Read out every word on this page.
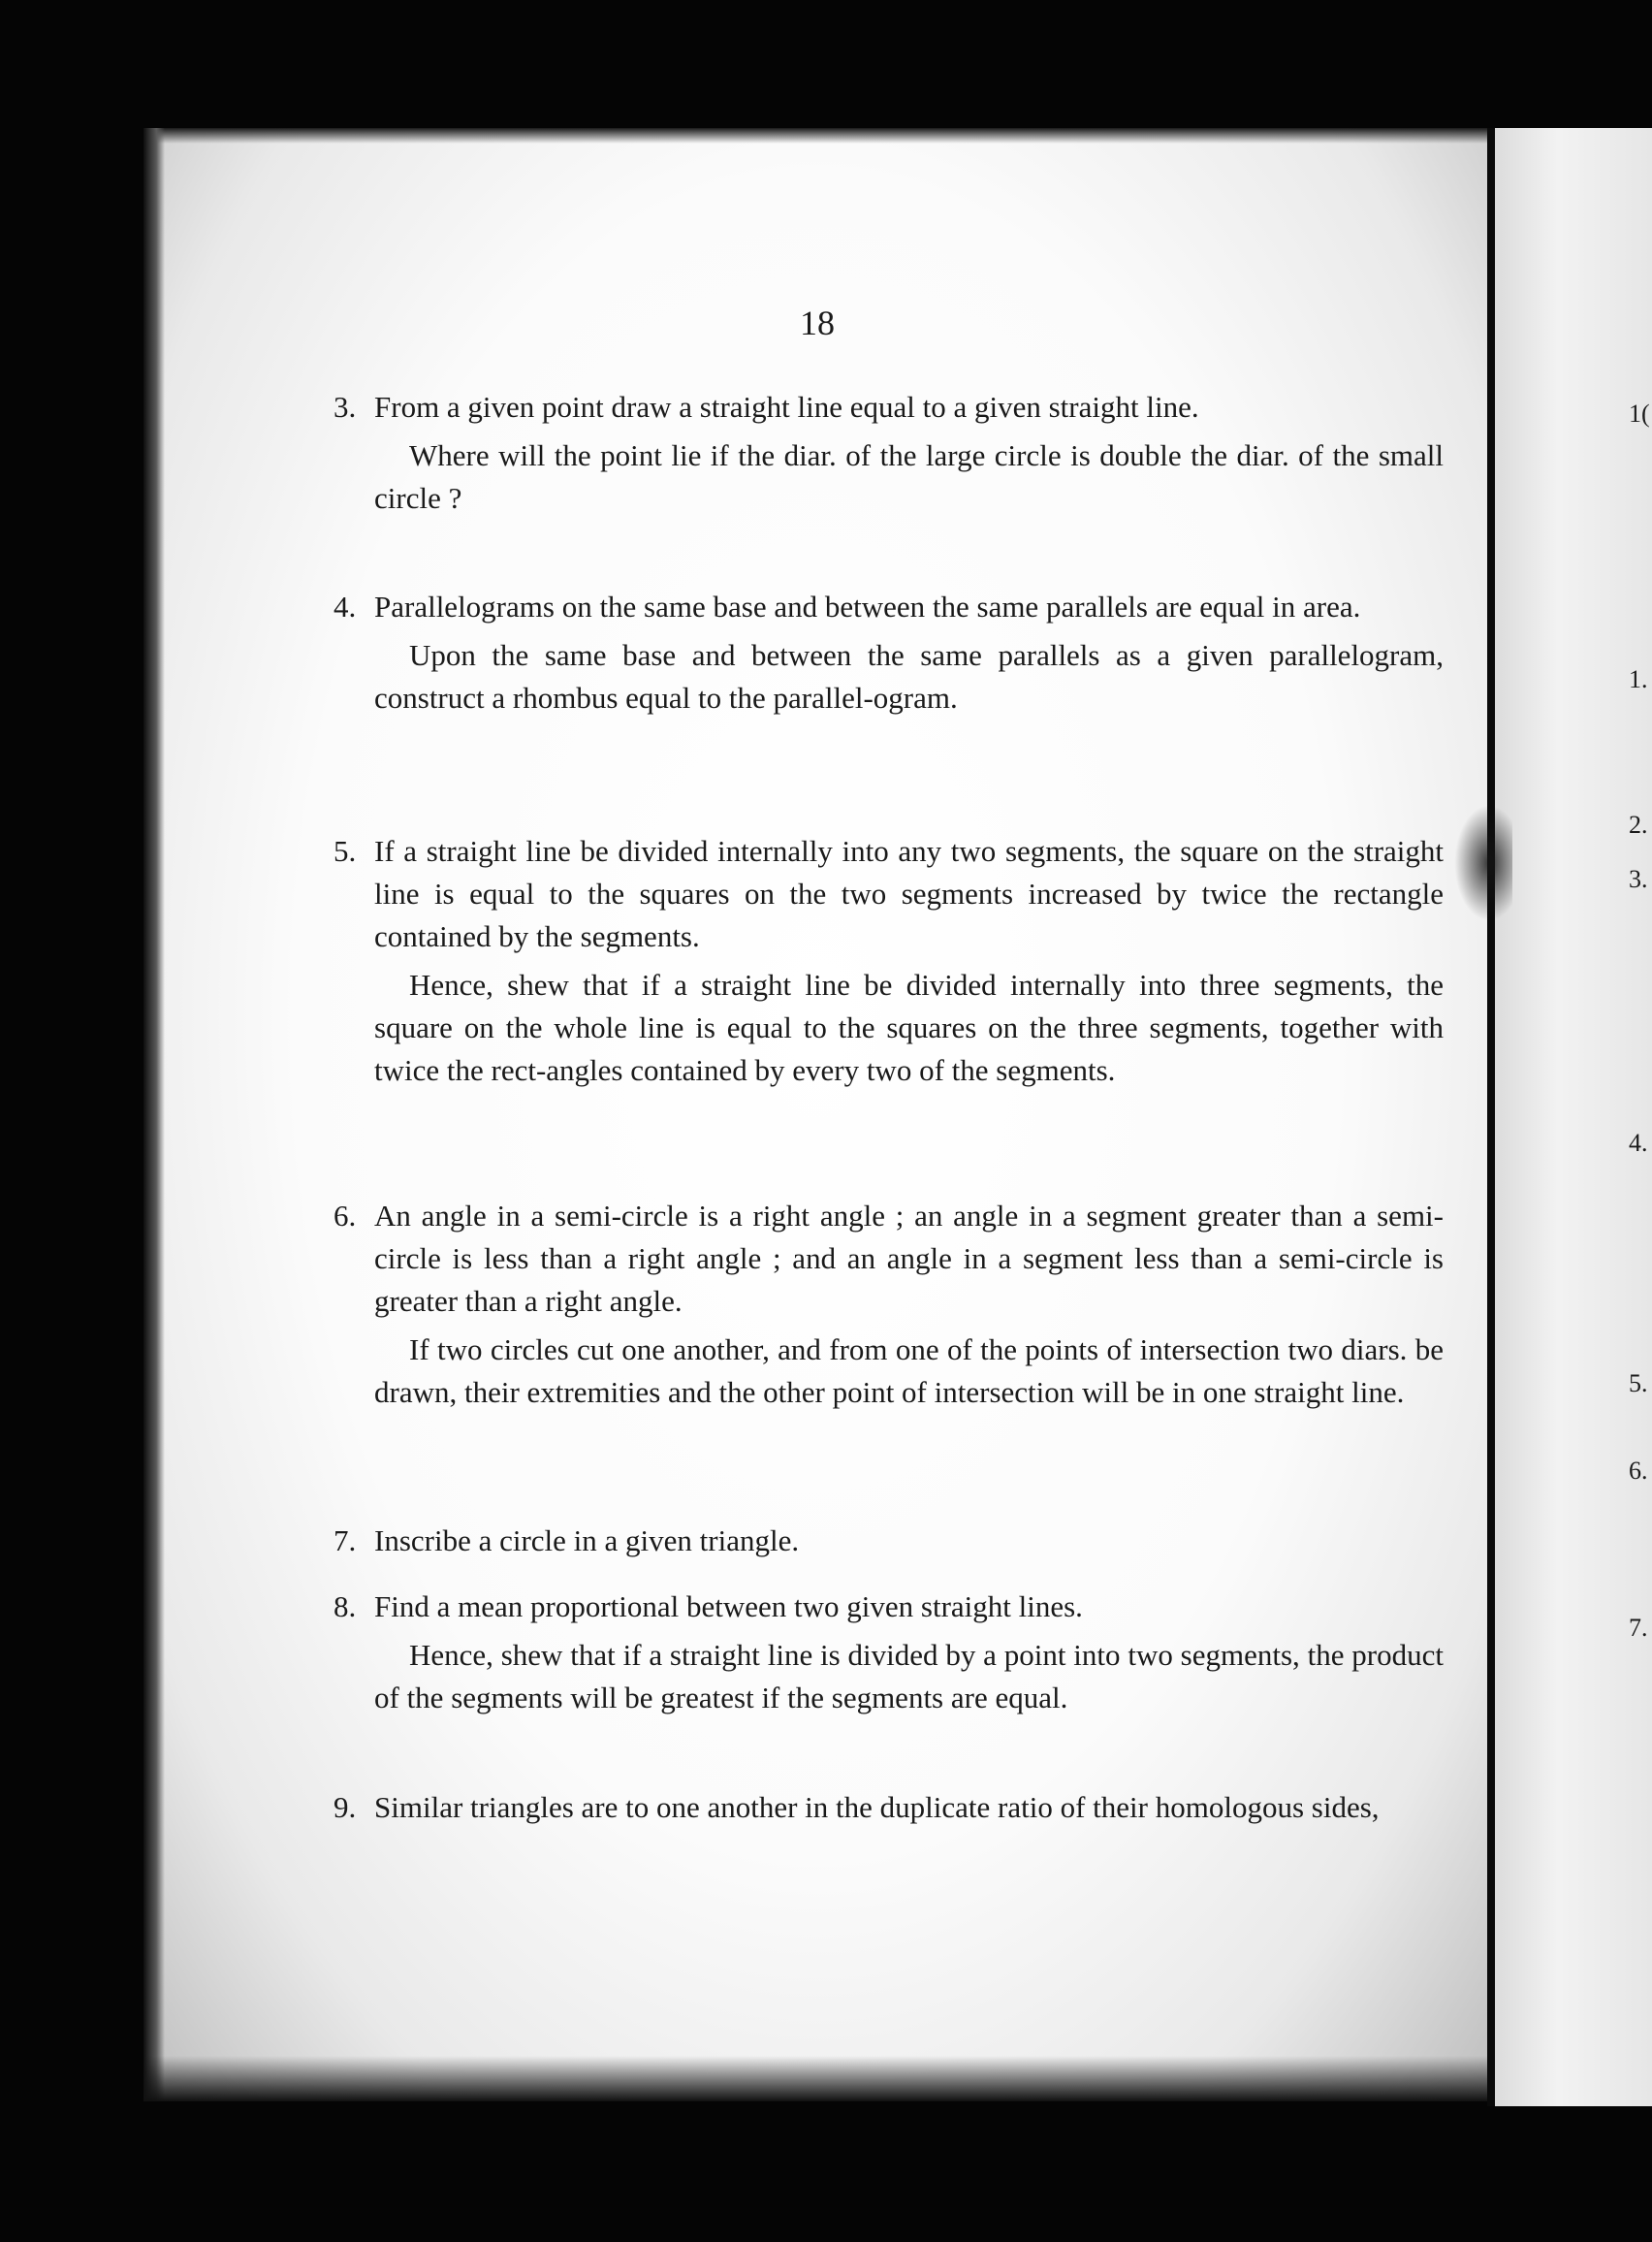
18

3. From a given point draw a straight line equal to a given straight line.

Where will the point lie if the diar. of the large circle is double the diar. of the small circle ?

4. Parallelograms on the same base and between the same parallels are equal in area.

Upon the same base and between the same parallels as a given parallelogram, construct a rhombus equal to the parallel-ogram.

5. If a straight line be divided internally into any two segments, the square on the straight line is equal to the squares on the two segments increased by twice the rectangle contained by the segments.

Hence, shew that if a straight line be divided internally into three segments, the square on the whole line is equal to the squares on the three segments, together with twice the rect-angles contained by every two of the segments.

6. An angle in a semi-circle is a right angle ; an angle in a segment greater than a semi-circle is less than a right angle ; and an angle in a segment less than a semi-circle is greater than a right angle.

If two circles cut one another, and from one of the points of intersection two diars. be drawn, their extremities and the other point of intersection will be in one straight line.

7. Inscribe a circle in a given triangle.

8. Find a mean proportional between two given straight lines.

Hence, shew that if a straight line is divided by a point into two segments, the product of the segments will be greatest if the segments are equal.

9. Similar triangles are to one another in the duplicate ratio of their homologous sides,

1(
1.
2.
3.
4.
5.
6.
7.
